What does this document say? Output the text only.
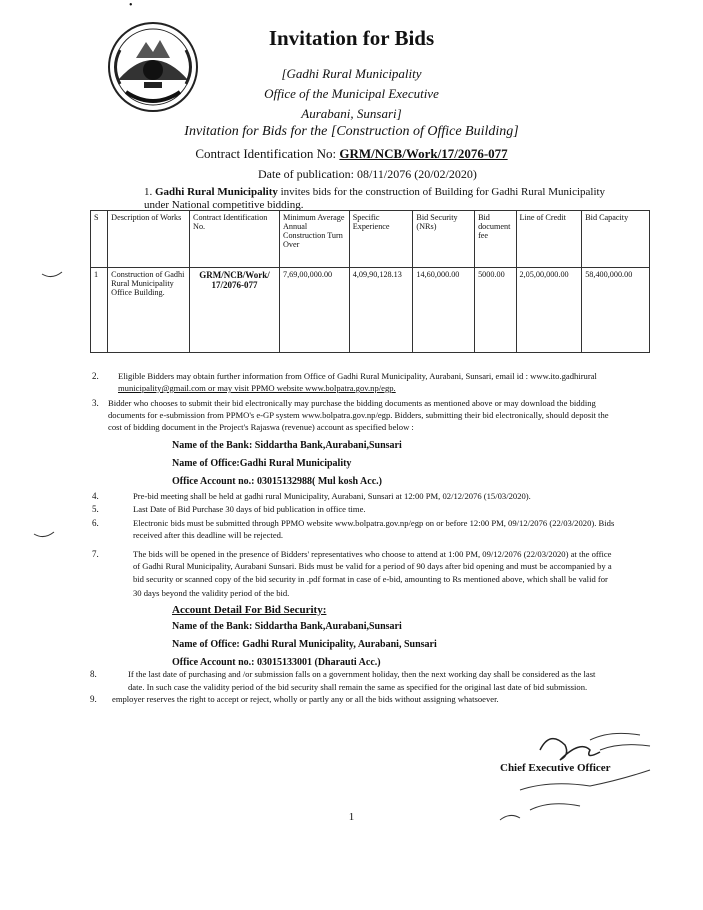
•
Invitation for Bids
[Gadhi Rural Municipality
Office of the Municipal Executive
Aurabani, Sunsari]
Invitation for Bids for the [Construction of Office Building]
Contract Identification No: GRM/NCB/Work/17/2076-077
Date of publication: 08/11/2076 (20/02/2020)
1. Gadhi Rural Municipality invites bids for the construction of Building for Gadhi Rural Municipality
under National competitive bidding.
S	Description of Works	Contract Identification No.	Minimum Average Annual Construction Turn Over	Specific Experience	Bid Security (NRs)	Bid document fee	Line of Credit	Bid Capacity
1	Construction of Gadhi Rural Municipality Office Building.	GRM/NCB/Work/ 17/2076-077	7,69,00,000.00	4,09,90,128.13	14,60,000.00	5000.00	2,05,00,000.00	58,400,000.00
2. Eligible Bidders may obtain further information from Office of Gadhi Rural Municipality, Aurabani, Sunsari, email id : www.ito.gadhirural
municipality@gmail.com or may visit PPMO website www.bolpatra.gov.np/egp.
3. Bidder who chooses to submit their bid electronically may purchase the bidding documents as mentioned above or may download the bidding
documents for e-submission from PPMO's e-GP system www.bolpatra.gov.np/egp. Bidders, submitting their bid electronically, should deposit the
cost of bidding document in the Project's Rajaswa (revenue) account as specified below :
Name of the Bank: Siddartha Bank,Aurabani,Sunsari
Name of Office:Gadhi Rural Municipality
Office Account no.: 03015132988( Mul kosh Acc.)
4.	Pre-bid meeting shall be held at gadhi rural Municipality, Aurabani, Sunsari at 12:00 PM, 02/12/2076 (15/03/2020).
5.	Last Date of Bid Purchase 30 days of bid publication in office time.
6.	Electronic bids must be submitted through PPMO website www.bolpatra.gov.np/egp on or before 12:00 PM, 09/12/2076 (22/03/2020). Bids
received after this deadline will be rejected.
7.	The bids will be opened in the presence of Bidders' representatives who choose to attend at 1:00 PM, 09/12/2076 (22/03/2020) at the office
of Gadhi Rural Municipality, Aurabani Sunsari. Bids must be valid for a period of 90 days after bid opening and must be accompanied by a
bid security or scanned copy of the bid security in .pdf format in case of e-bid, amounting to Rs mentioned above, which shall be valid for
30 days beyond the validity period of the bid.
Account Detail For Bid Security:
Name of the Bank: Siddartha Bank,Aurabani,Sunsari
Name of Office: Gadhi Rural Municipality, Aurabani, Sunsari
Office Account no.: 03015133001 (Dharauti Acc.)
8.	If the last date of purchasing and /or submission falls on a government holiday, then the next working day shall be considered as the last
date. In such case the validity period of the bid security shall remain the same as specified for the original last date of bid submission.
9. employer reserves the right to accept or reject, wholly or partly any or all the bids without assigning whatsoever.
Chief Executive Officer
1
